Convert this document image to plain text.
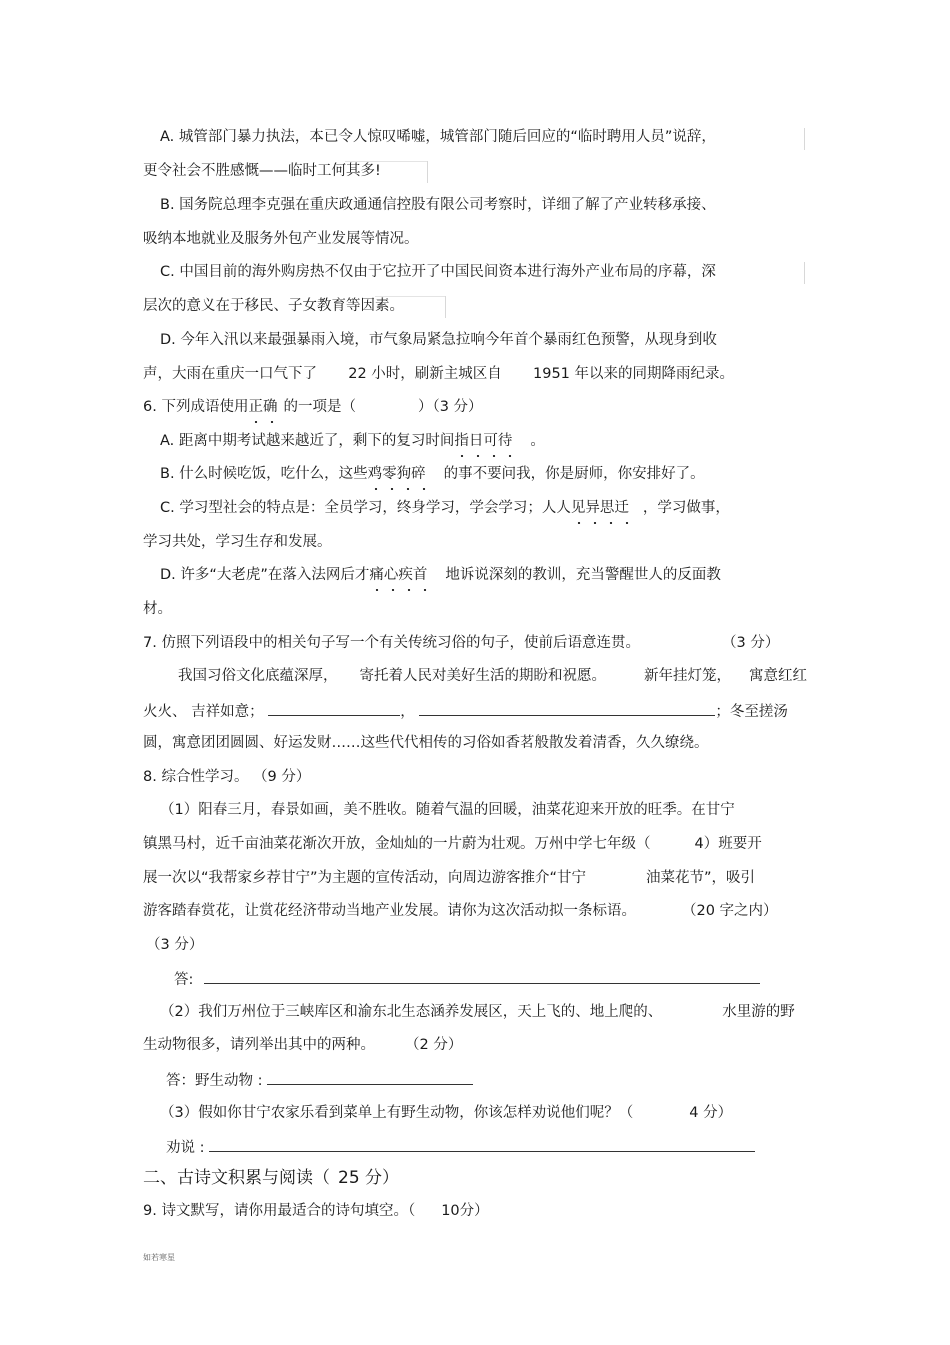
A. 城管部门暴力执法，本已令人惊叹唏嘘，城管部门随后回应的“临时聘用人员”说辞，
更令社会不胜感慨——临时工何其多!
B. 国务院总理李克强在重庆政通通信控股有限公司考察时，详细了解了产业转移承接、
吸纳本地就业及服务外包产业发展等情况。
C. 中国目前的海外购房热不仅由于它拉开了中国民间资本进行海外产业布局的序幕，深
层次的意义在于移民、子女教育等因素。
D. 今年入汛以来最强暴雨入境，市气象局紧急拉响今年首个暴雨红色预警，从现身到收
声，大雨在重庆一口气下了 22 小时，刷新主城区自 1951 年以来的同期降雨纪录。
6. 下列成语使用正确 的一项是（	）（3 分）
A. 距离中期考试越来越近了，剩下的复习时间指日可待 。
B. 什么时候吃饭，吃什么，这些鸡零狗碎 的事不要问我，你是厨师，你安排好了。
C. 学习型社会的特点是：全员学习，终身学习，学会学习；人人见异思迁 ，学习做事，
学习共处，学习生存和发展。
D. 许多“大老虎”在落入法网后才痛心疾首 地诉说深刻的教训，充当警醒世人的反面教
材。
7. 仿照下列语段中的相关句子写一个有关传统习俗的句子，使前后语意连贯。	（3 分）
我国习俗文化底蕴深厚， 寄托着人民对美好生活的期盼和祝愿。	新年挂灯笼， 寓意红红
火火、 吉祥如意；	，	；冬至搓汤
圆，寓意团团圆圆、好运发财……这些代代相传的习俗如香茗般散发着清香，久久缭绕。
8. 综合性学习。 （9 分）
（1）阳春三月，春景如画，美不胜收。随着气温的回暖，油菜花迎来开放的旺季。在甘宁
镇黑马村，近千亩油菜花渐次开放，金灿灿的一片蔚为壮观。万州中学七年级（	4）班要开
展一次以“我帮家乡荐甘宁”为主题的宣传活动，向周边游客推介“甘宁	油菜花节”，吸引
游客踏春赏花，让赏花经济带动当地产业发展。请你为这次活动拟一条标语。	（20 字之内）
（3 分）
答:
（2）我们万州位于三峡库区和渝东北生态涵养发展区，天上飞的、地上爬的、	水里游的野
生动物很多，请列举出其中的两种。 （2 分）
答：野生动物 :
（3）假如你甘宁农家乐看到菜单上有野生动物，你该怎样劝说他们呢？（	4 分）
劝说 :
二、古诗文积累与阅读（ 25 分）
9. 诗文默写，请你用最适合的诗句填空。（ 10分）
如若寒星
